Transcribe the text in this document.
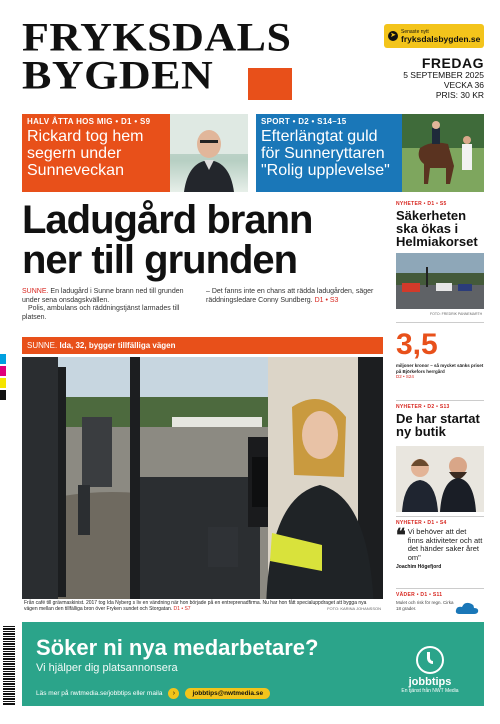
FRYKSDALS
BYGDEN
➤
Senaste nytt
fryksdalsbygden.se
FREDAG
5 SEPTEMBER 2025
VECKA 36
PRIS: 30 KR
HALV ÅTTA HOS MIG • D1 • S9
Rickard tog hem segern under Sunneveckan
SPORT • D2 • S14–15
Efterlängtat guld för Sunneryttaren "Rolig upplevelse"
Ladugård brann
ner till grunden
SUNNE. En ladugård i Sunne brann ned till grunden under sena onsdagskvällen.
Polis, ambulans och räddningstjänst larmades till platsen.
– Det fanns inte en chans att rädda ladugården, säger räddningsledare Conny Sundberg. D1 • S3
SUNNE. Ida, 32, bygger tillfälliga vägen
Från café till grävmaskinist. 2017 tog Ida Nyberg s liv en vändning när hon började på en entreprenadfirma. Nu har hon fått specialuppdraget att bygga nya vägen mellan den tillfälliga bron över Fryken sundet och Storgatan. D1 • S7	FOTO: KARINA JOHANSSON
NYHETER • D1 • S5
Säkerheten ska ökas i Helmiakorset
FOTO: FREDRIK PANNEMARTH
3,5
miljoner kronor – så mycket sänks priset på Björkefors herrgård
D2 • S24
NYHETER • D2 • S13
De har startat ny butik
NYHETER • D1 • S4
❝ Vi behöver att det finns aktiviteter och att det händer saker året om"
Joachim Högefjord
VÄDER • D1 • S11
Mulet och risk för regn. Cirka 18 grader.
Söker ni nya medarbetare?
Vi hjälper dig platsannonsera
Läs mer på nwtmedia.se/jobbtips eller maila	›	jobbtips@nwtmedia.se
jobbtips
En tjänst från NWT Media
